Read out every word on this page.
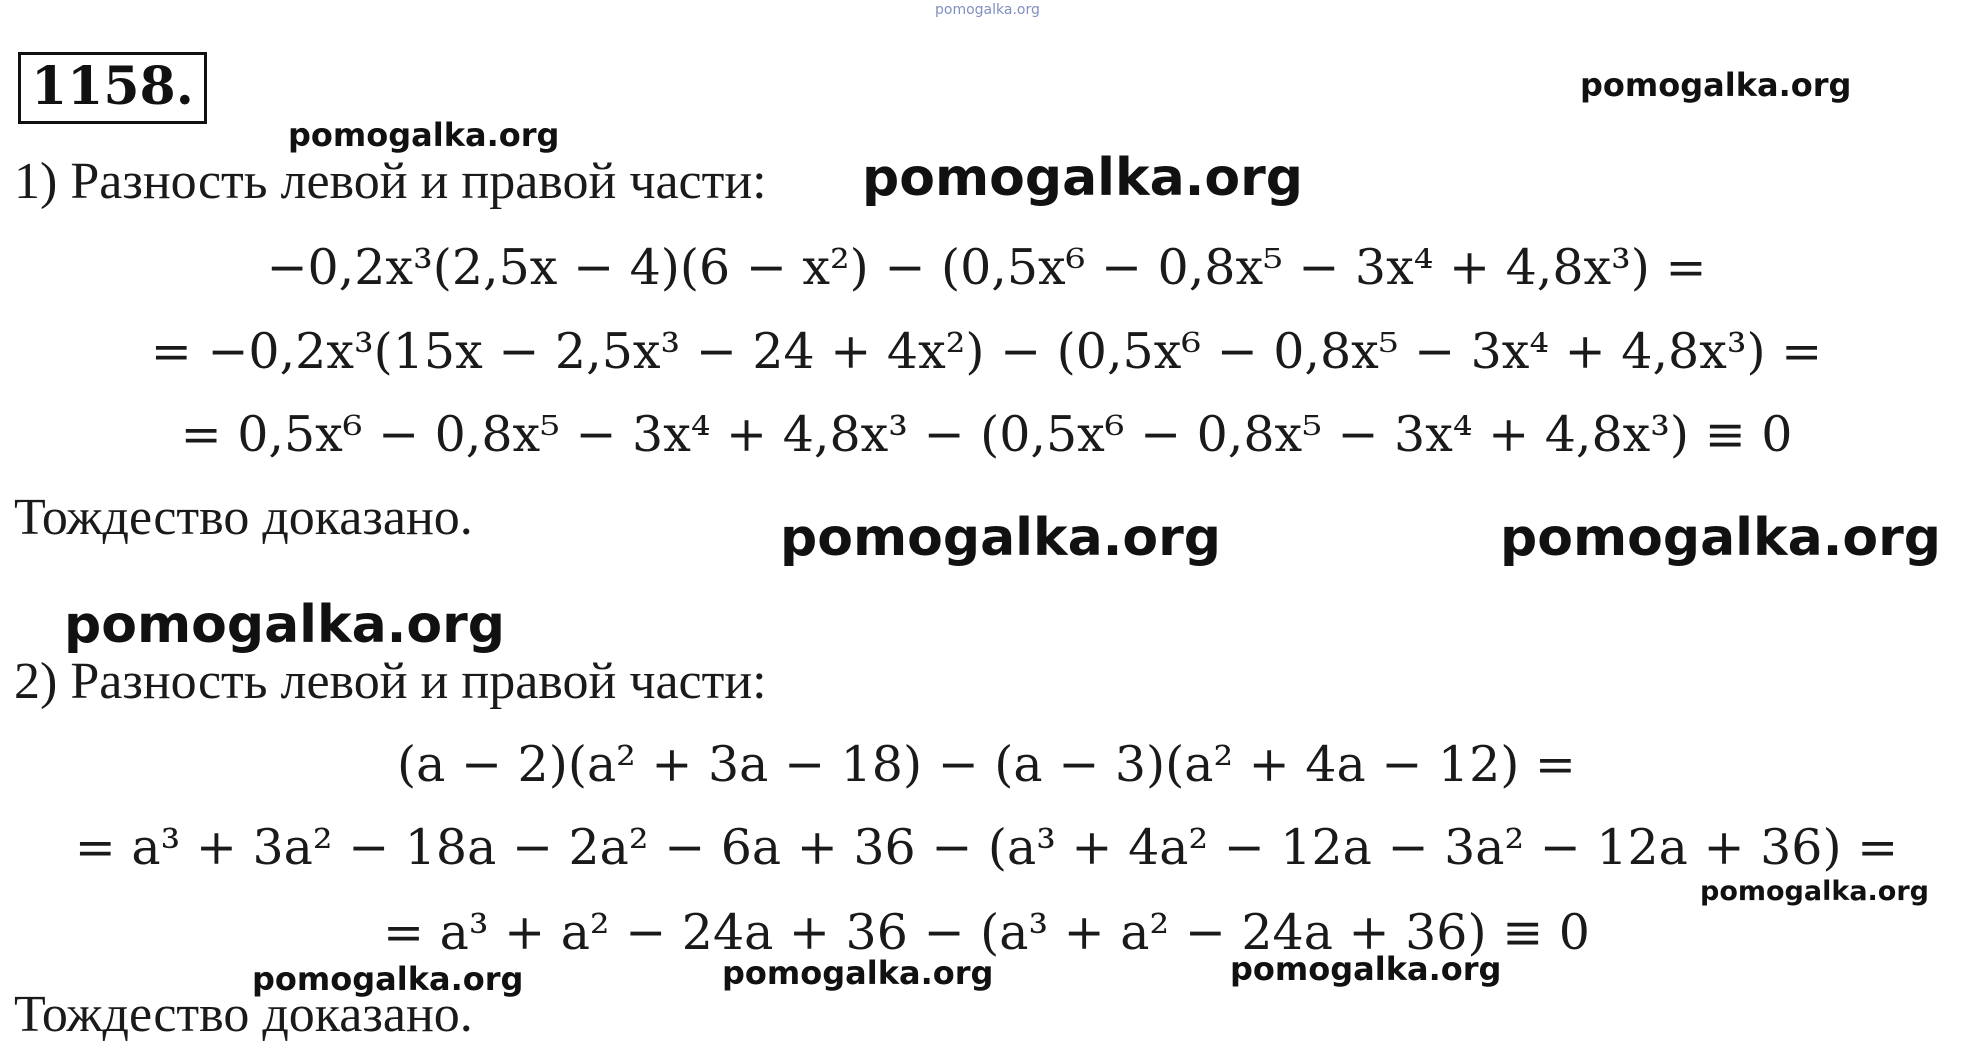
pomogalka.org
1158.	pomogalka.org
pomogalka.org
1) Разность левой и правой части: pomogalka.org
−0,2x³(2,5x − 4)(6 − x²) − (0,5x⁶ − 0,8x⁵ − 3x⁴ + 4,8x³) =
= −0,2x³(15x − 2,5x³ − 24 + 4x²) − (0,5x⁶ − 0,8x⁵ − 3x⁴ + 4,8x³) =
= 0,5x⁶ − 0,8x⁵ − 3x⁴ + 4,8x³ − (0,5x⁶ − 0,8x⁵ − 3x⁴ + 4,8x³) ≡ 0
Тождество доказано.	pomogalka.org	pomogalka.org
pomogalka.org
2) Разность левой и правой части:
(a − 2)(a² + 3a − 18) − (a − 3)(a² + 4a − 12) =
= a³ + 3a² − 18a − 2a² − 6a + 36 − (a³ + 4a² − 12a − 3a² − 12a + 36) =
pomogalka.org
= a³ + a² − 24a + 36 − (a³ + a² − 24a + 36) ≡ 0
pomogalka.org	pomogalka.org	pomogalka.org
Тождество доказано.
